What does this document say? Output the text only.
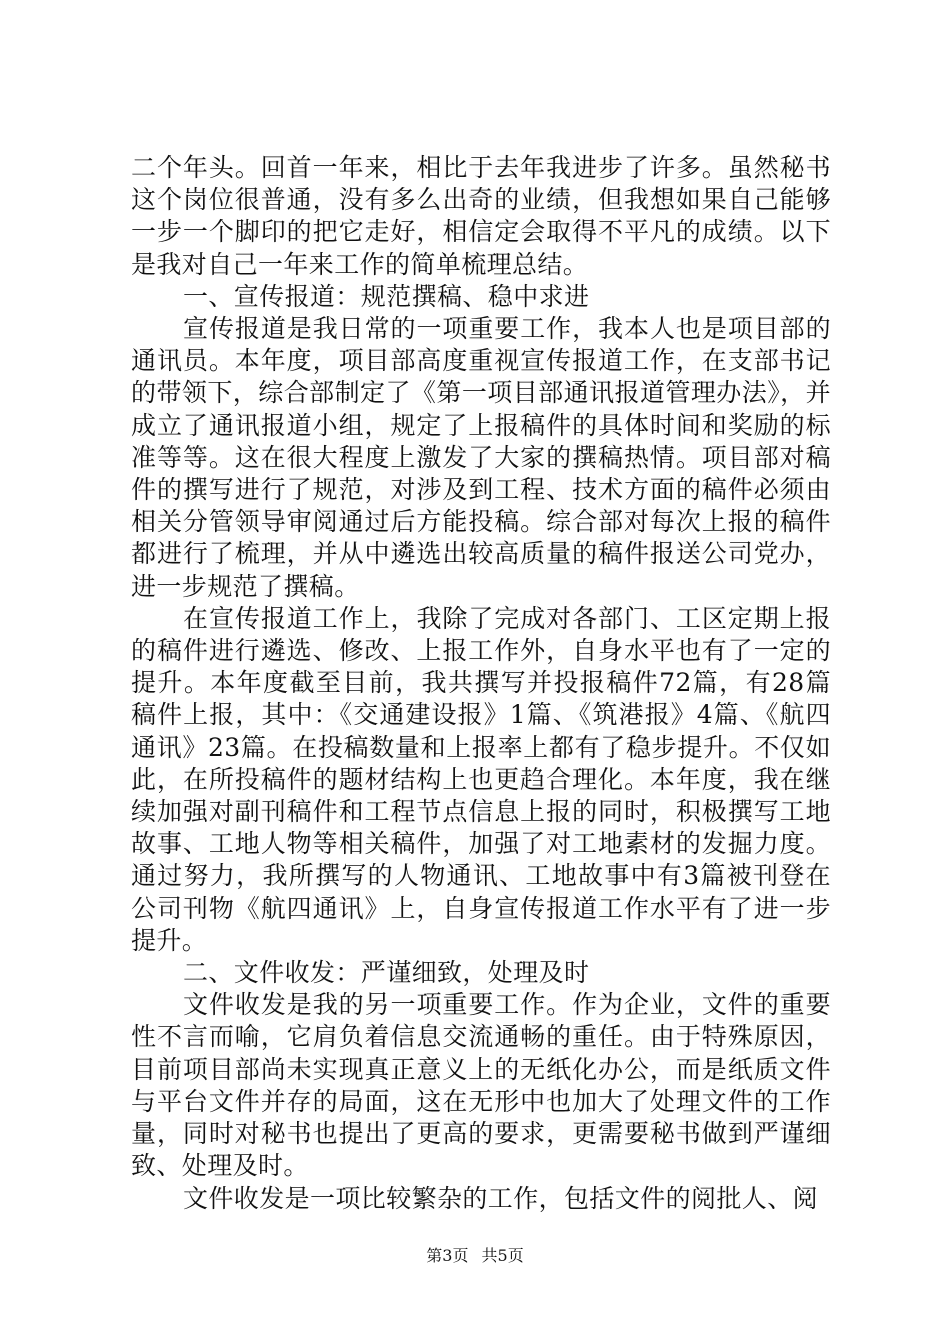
二个年头。回首一年来，相比于去年我进步了许多。虽然秘书这个岗位很普通，没有多么出奇的业绩，但我想如果自己能够一步一个脚印的把它走好，相信定会取得不平凡的成绩。以下是我对自己一年来工作的简单梳理总结。

一、宣传报道：规范撰稿、稳中求进

宣传报道是我日常的一项重要工作，我本人也是项目部的通讯员。本年度，项目部高度重视宣传报道工作，在支部书记的带领下，综合部制定了《第一项目部通讯报道管理办法》，并成立了通讯报道小组，规定了上报稿件的具体时间和奖励的标准等等。这在很大程度上激发了大家的撰稿热情。项目部对稿件的撰写进行了规范，对涉及到工程、技术方面的稿件必须由相关分管领导审阅通过后方能投稿。综合部对每次上报的稿件都进行了梳理，并从中遴选出较高质量的稿件报送公司党办，进一步规范了撰稿。

在宣传报道工作上，我除了完成对各部门、工区定期上报的稿件进行遴选、修改、上报工作外，自身水平也有了一定的提升。本年度截至目前，我共撰写并投报稿件72篇，有28篇稿件上报，其中：《交通建设报》1篇、《筑港报》4篇、《航四通讯》23篇。在投稿数量和上报率上都有了稳步提升。不仅如此，在所投稿件的题材结构上也更趋合理化。本年度，我在继续加强对副刊稿件和工程节点信息上报的同时，积极撰写工地故事、工地人物等相关稿件，加强了对工地素材的发掘力度。通过努力，我所撰写的人物通讯、工地故事中有3篇被刊登在公司刊物《航四通讯》上，自身宣传报道工作水平有了进一步提升。

二、文件收发：严谨细致，处理及时

文件收发是我的另一项重要工作。作为企业，文件的重要性不言而喻，它肩负着信息交流通畅的重任。由于特殊原因，目前项目部尚未实现真正意义上的无纸化办公，而是纸质文件与平台文件并存的局面，这在无形中也加大了处理文件的工作量，同时对秘书也提出了更高的要求，更需要秘书做到严谨细致、处理及时。

文件收发是一项比较繁杂的工作，包括文件的阅批人、阅

第3页 共5页
